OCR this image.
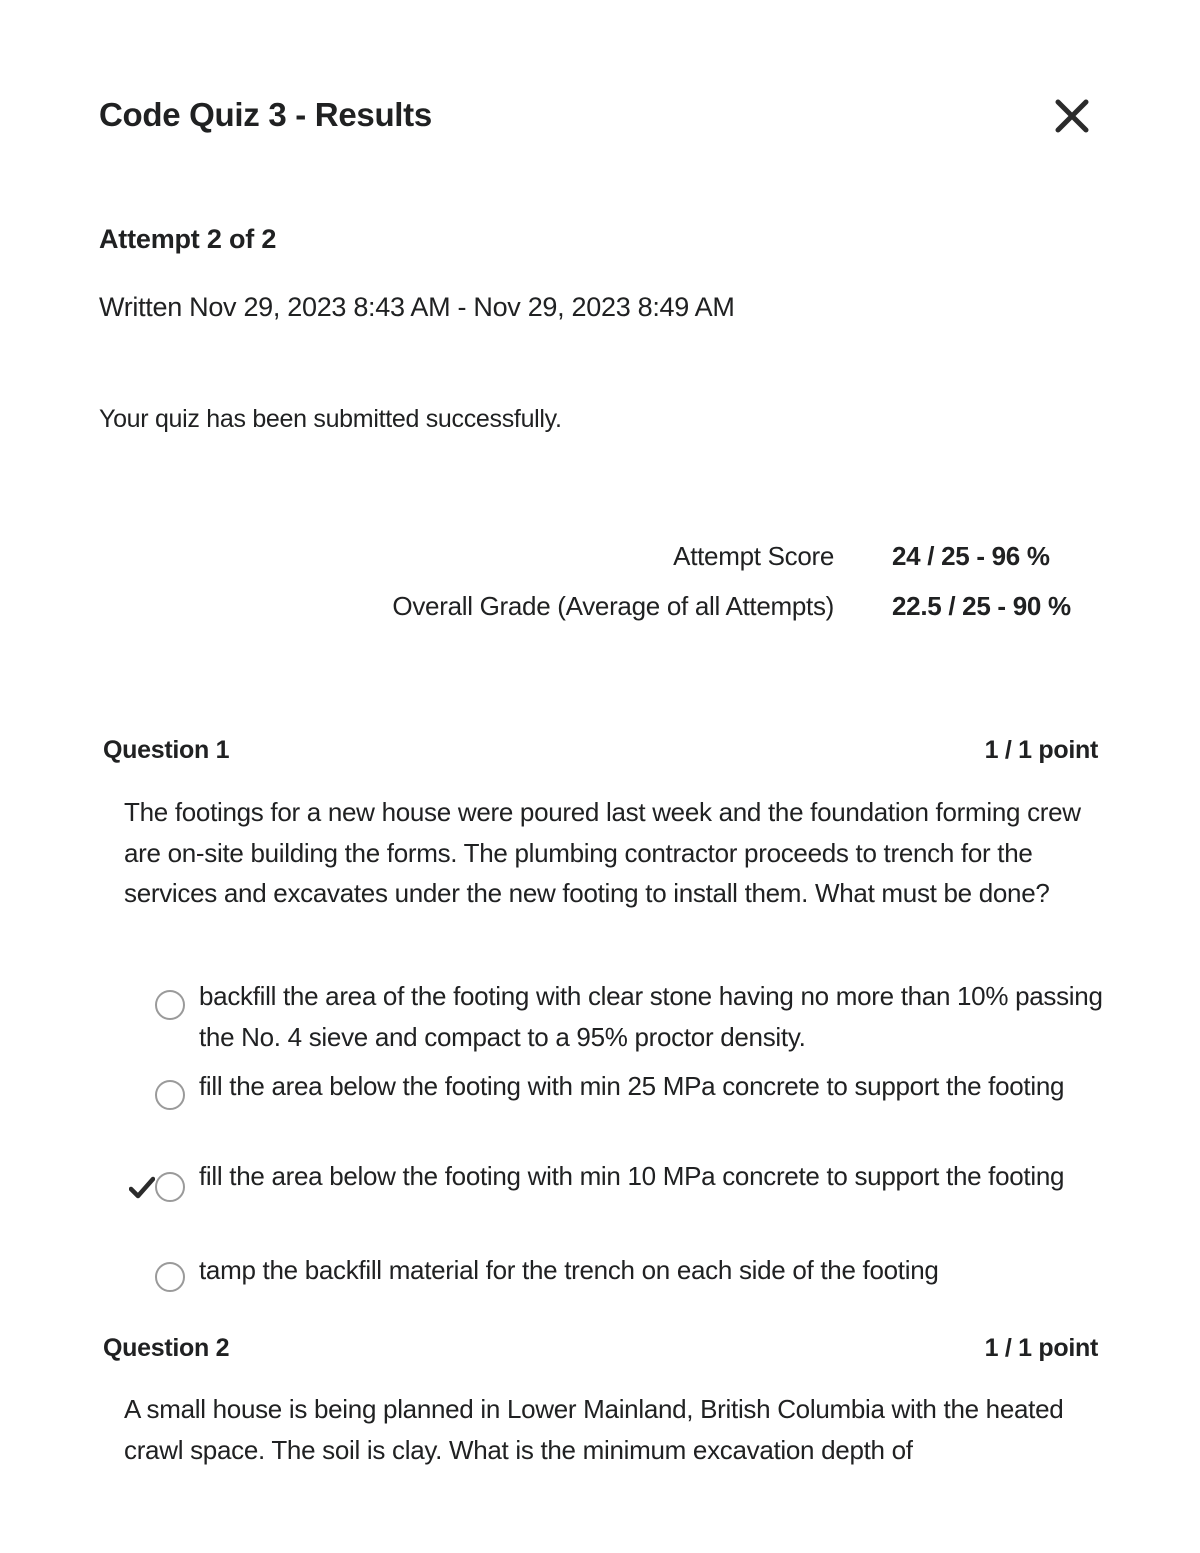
Code Quiz 3 - Results
Attempt 2 of 2
Written Nov 29, 2023 8:43 AM - Nov 29, 2023 8:49 AM
Your quiz has been submitted successfully.
Attempt Score 24 / 25 - 96 %
Overall Grade (Average of all Attempts) 22.5 / 25 - 90 %
Question 1	1 / 1 point

The footings for a new house were poured last week and the foundation forming crew are on-site building the forms. The plumbing contractor proceeds to trench for the services and excavates under the new footing to install them. What must be done?

backfill the area of the footing with clear stone having no more than 10% passing the No. 4 sieve and compact to a 95% proctor density.
fill the area below the footing with min 25 MPa concrete to support the footing
fill the area below the footing with min 10 MPa concrete to support the footing
tamp the backfill material for the trench on each side of the footing
Question 2	1 / 1 point

A small house is being planned in Lower Mainland, British Columbia with the heated crawl space. The soil is clay. What is the minimum excavation depth of
